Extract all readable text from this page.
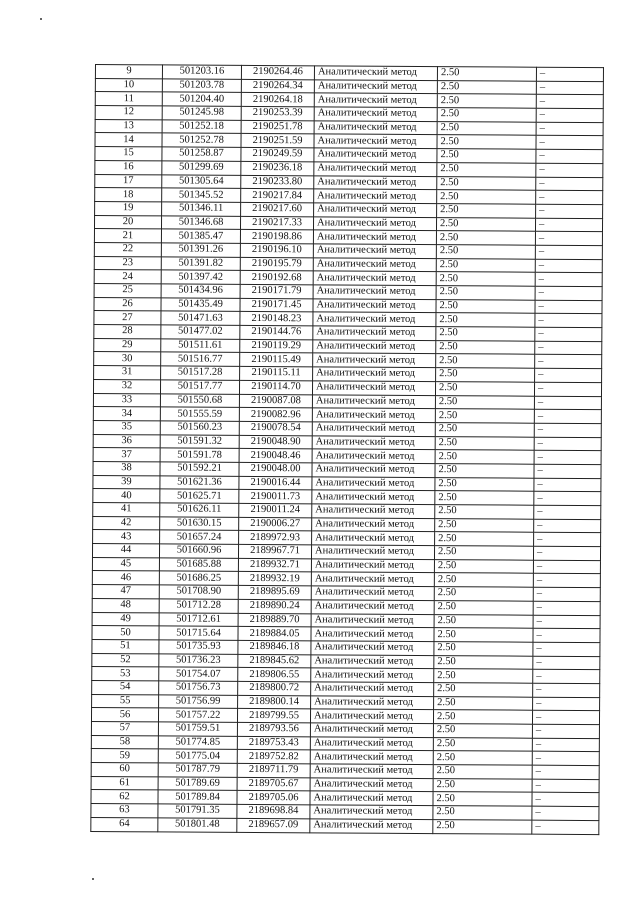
9	501203.16	2190264.46	Аналитический метод	2.50	–
10	501203.78	2190264.34	Аналитический метод	2.50	–
11	501204.40	2190264.18	Аналитический метод	2.50	–
12	501245.98	2190253.39	Аналитический метод	2.50	–
13	501252.18	2190251.78	Аналитический метод	2.50	–
14	501252.78	2190251.59	Аналитический метод	2.50	–
15	501258.87	2190249.59	Аналитический метод	2.50	–
16	501299.69	2190236.18	Аналитический метод	2.50	–
17	501305.64	2190233.80	Аналитический метод	2.50	–
18	501345.52	2190217.84	Аналитический метод	2.50	–
19	501346.11	2190217.60	Аналитический метод	2.50	–
20	501346.68	2190217.33	Аналитический метод	2.50	–
21	501385.47	2190198.86	Аналитический метод	2.50	–
22	501391.26	2190196.10	Аналитический метод	2.50	–
23	501391.82	2190195.79	Аналитический метод	2.50	–
24	501397.42	2190192.68	Аналитический метод	2.50	–
25	501434.96	2190171.79	Аналитический метод	2.50	–
26	501435.49	2190171.45	Аналитический метод	2.50	–
27	501471.63	2190148.23	Аналитический метод	2.50	–
28	501477.02	2190144.76	Аналитический метод	2.50	–
29	501511.61	2190119.29	Аналитический метод	2.50	–
30	501516.77	2190115.49	Аналитический метод	2.50	–
31	501517.28	2190115.11	Аналитический метод	2.50	–
32	501517.77	2190114.70	Аналитический метод	2.50	–
33	501550.68	2190087.08	Аналитический метод	2.50	–
34	501555.59	2190082.96	Аналитический метод	2.50	–
35	501560.23	2190078.54	Аналитический метод	2.50	–
36	501591.32	2190048.90	Аналитический метод	2.50	–
37	501591.78	2190048.46	Аналитический метод	2.50	–
38	501592.21	2190048.00	Аналитический метод	2.50	–
39	501621.36	2190016.44	Аналитический метод	2.50	–
40	501625.71	2190011.73	Аналитический метод	2.50	–
41	501626.11	2190011.24	Аналитический метод	2.50	–
42	501630.15	2190006.27	Аналитический метод	2.50	–
43	501657.24	2189972.93	Аналитический метод	2.50	–
44	501660.96	2189967.71	Аналитический метод	2.50	–
45	501685.88	2189932.71	Аналитический метод	2.50	–
46	501686.25	2189932.19	Аналитический метод	2.50	–
47	501708.90	2189895.69	Аналитический метод	2.50	–
48	501712.28	2189890.24	Аналитический метод	2.50	–
49	501712.61	2189889.70	Аналитический метод	2.50	–
50	501715.64	2189884.05	Аналитический метод	2.50	–
51	501735.93	2189846.18	Аналитический метод	2.50	–
52	501736.23	2189845.62	Аналитический метод	2.50	–
53	501754.07	2189806.55	Аналитический метод	2.50	–
54	501756.73	2189800.72	Аналитический метод	2.50	–
55	501756.99	2189800.14	Аналитический метод	2.50	–
56	501757.22	2189799.55	Аналитический метод	2.50	–
57	501759.51	2189793.56	Аналитический метод	2.50	–
58	501774.85	2189753.43	Аналитический метод	2.50	–
59	501775.04	2189752.82	Аналитический метод	2.50	–
60	501787.79	2189711.79	Аналитический метод	2.50	–
61	501789.69	2189705.67	Аналитический метод	2.50	–
62	501789.84	2189705.06	Аналитический метод	2.50	–
63	501791.35	2189698.84	Аналитический метод	2.50	–
64	501801.48	2189657.09	Аналитический метод	2.50	–
